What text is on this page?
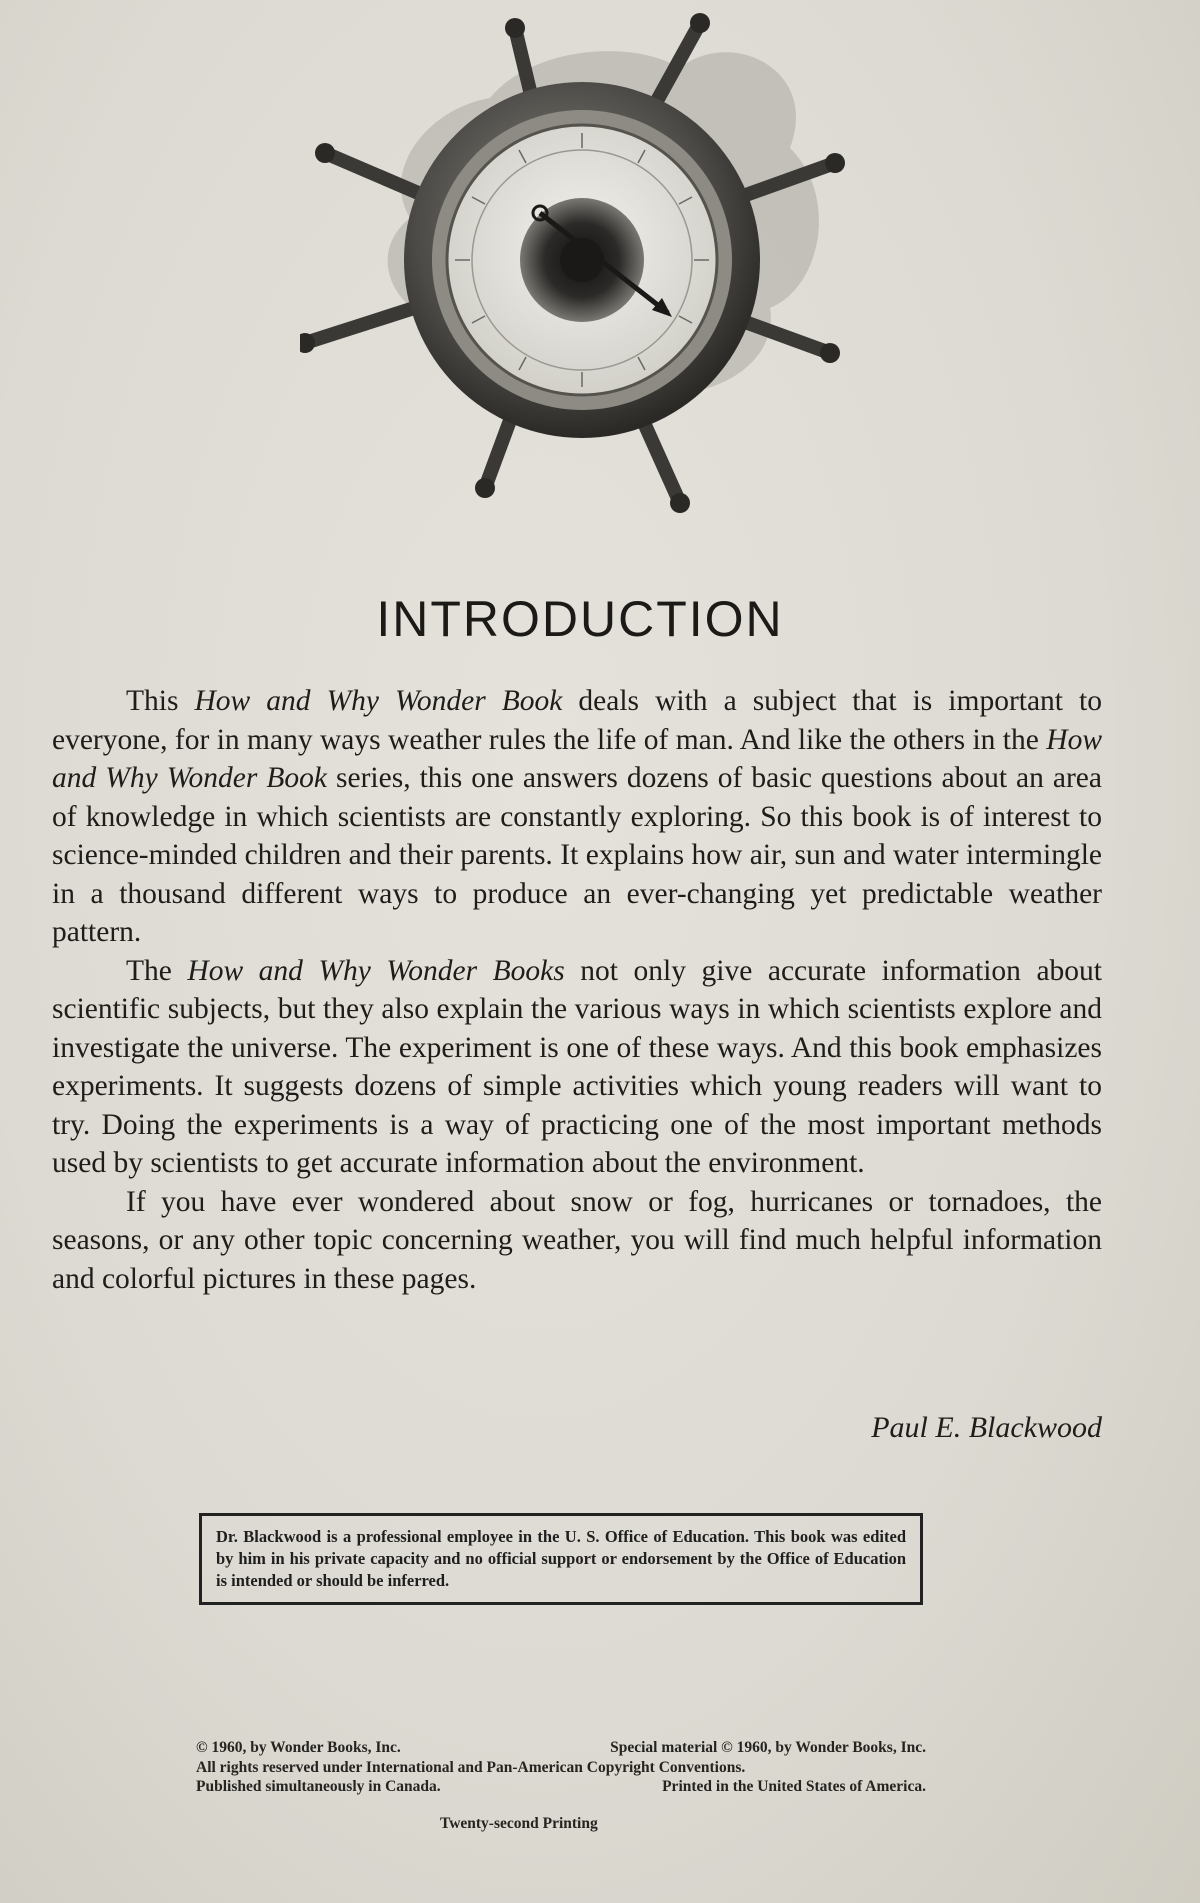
INTRODUCTION

This How and Why Wonder Book deals with a subject that is important to everyone, for in many ways weather rules the life of man. And like the others in the How and Why Wonder Book series, this one answers dozens of basic questions about an area of knowledge in which scientists are constantly exploring. So this book is of interest to science-minded children and their parents. It explains how air, sun and water intermingle in a thousand different ways to produce an ever-changing yet predictable weather pattern.

The How and Why Wonder Books not only give accurate information about scientific subjects, but they also explain the various ways in which scientists explore and investigate the universe. The experiment is one of these ways. And this book emphasizes experiments. It suggests dozens of simple activities which young readers will want to try. Doing the experiments is a way of practicing one of the most important methods used by scientists to get accurate information about the environment.

If you have ever wondered about snow or fog, hurricanes or tornadoes, the seasons, or any other topic concerning weather, you will find much helpful information and colorful pictures in these pages.

Paul E. Blackwood
Dr. Blackwood is a professional employee in the U. S. Office of Education. This book was edited by him in his private capacity and no official support or endorsement by the Office of Education is intended or should be inferred.
© 1960, by Wonder Books, Inc.	Special material © 1960, by Wonder Books, Inc.
All rights reserved under International and Pan-American Copyright Conventions.
Published simultaneously in Canada.	Printed in the United States of America.
Twenty-second Printing
